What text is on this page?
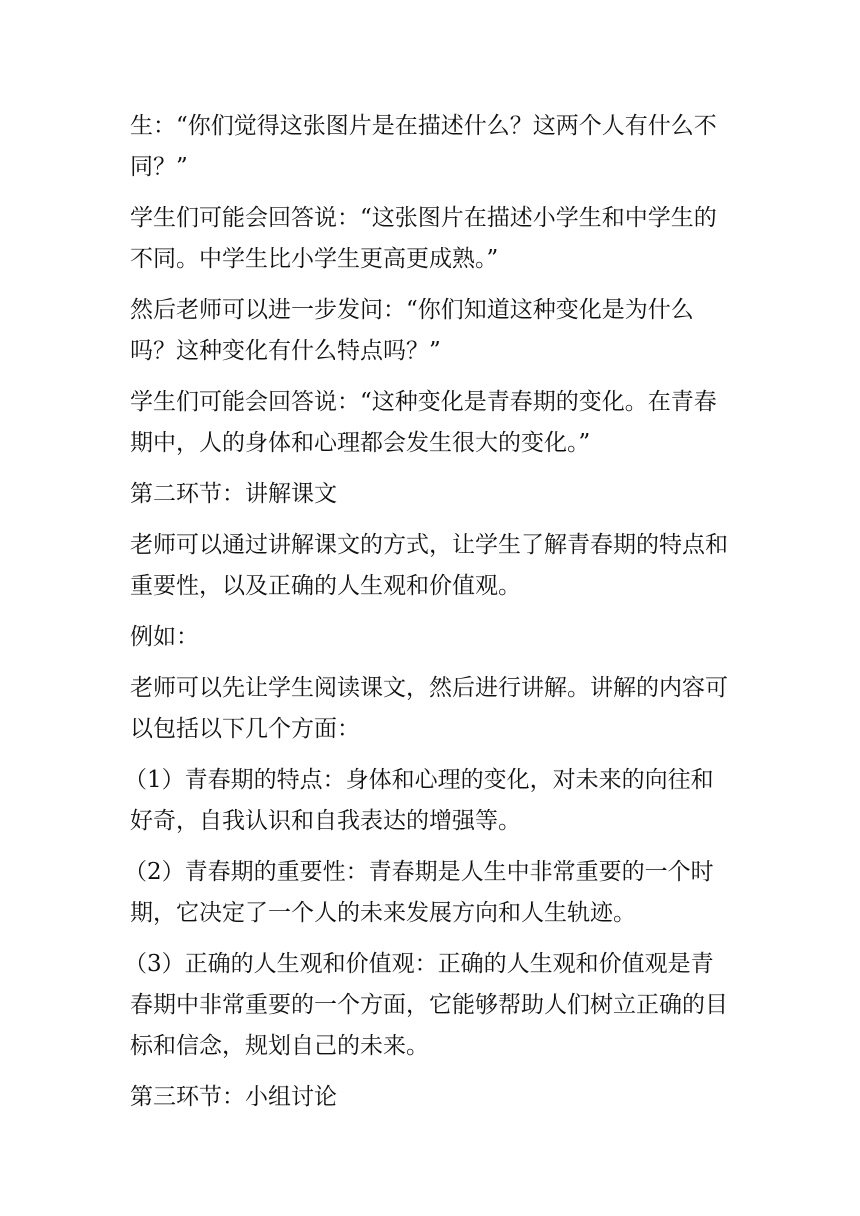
生：“你们觉得这张图片是在描述什么？这两个人有什么不
同？”

学生们可能会回答说：“这张图片在描述小学生和中学生的
不同。中学生比小学生更高更成熟。”

然后老师可以进一步发问：“你们知道这种变化是为什么
吗？这种变化有什么特点吗？”

学生们可能会回答说：“这种变化是青春期的变化。在青春
期中，人的身体和心理都会发生很大的变化。”

第二环节：讲解课文

老师可以通过讲解课文的方式，让学生了解青春期的特点和
重要性，以及正确的人生观和价值观。

例如：

老师可以先让学生阅读课文，然后进行讲解。讲解的内容可
以包括以下几个方面：

（1）青春期的特点：身体和心理的变化，对未来的向往和
好奇，自我认识和自我表达的增强等。

（2）青春期的重要性：青春期是人生中非常重要的一个时
期，它决定了一个人的未来发展方向和人生轨迹。

（3）正确的人生观和价值观：正确的人生观和价值观是青
春期中非常重要的一个方面，它能够帮助人们树立正确的目
标和信念，规划自己的未来。

第三环节：小组讨论
